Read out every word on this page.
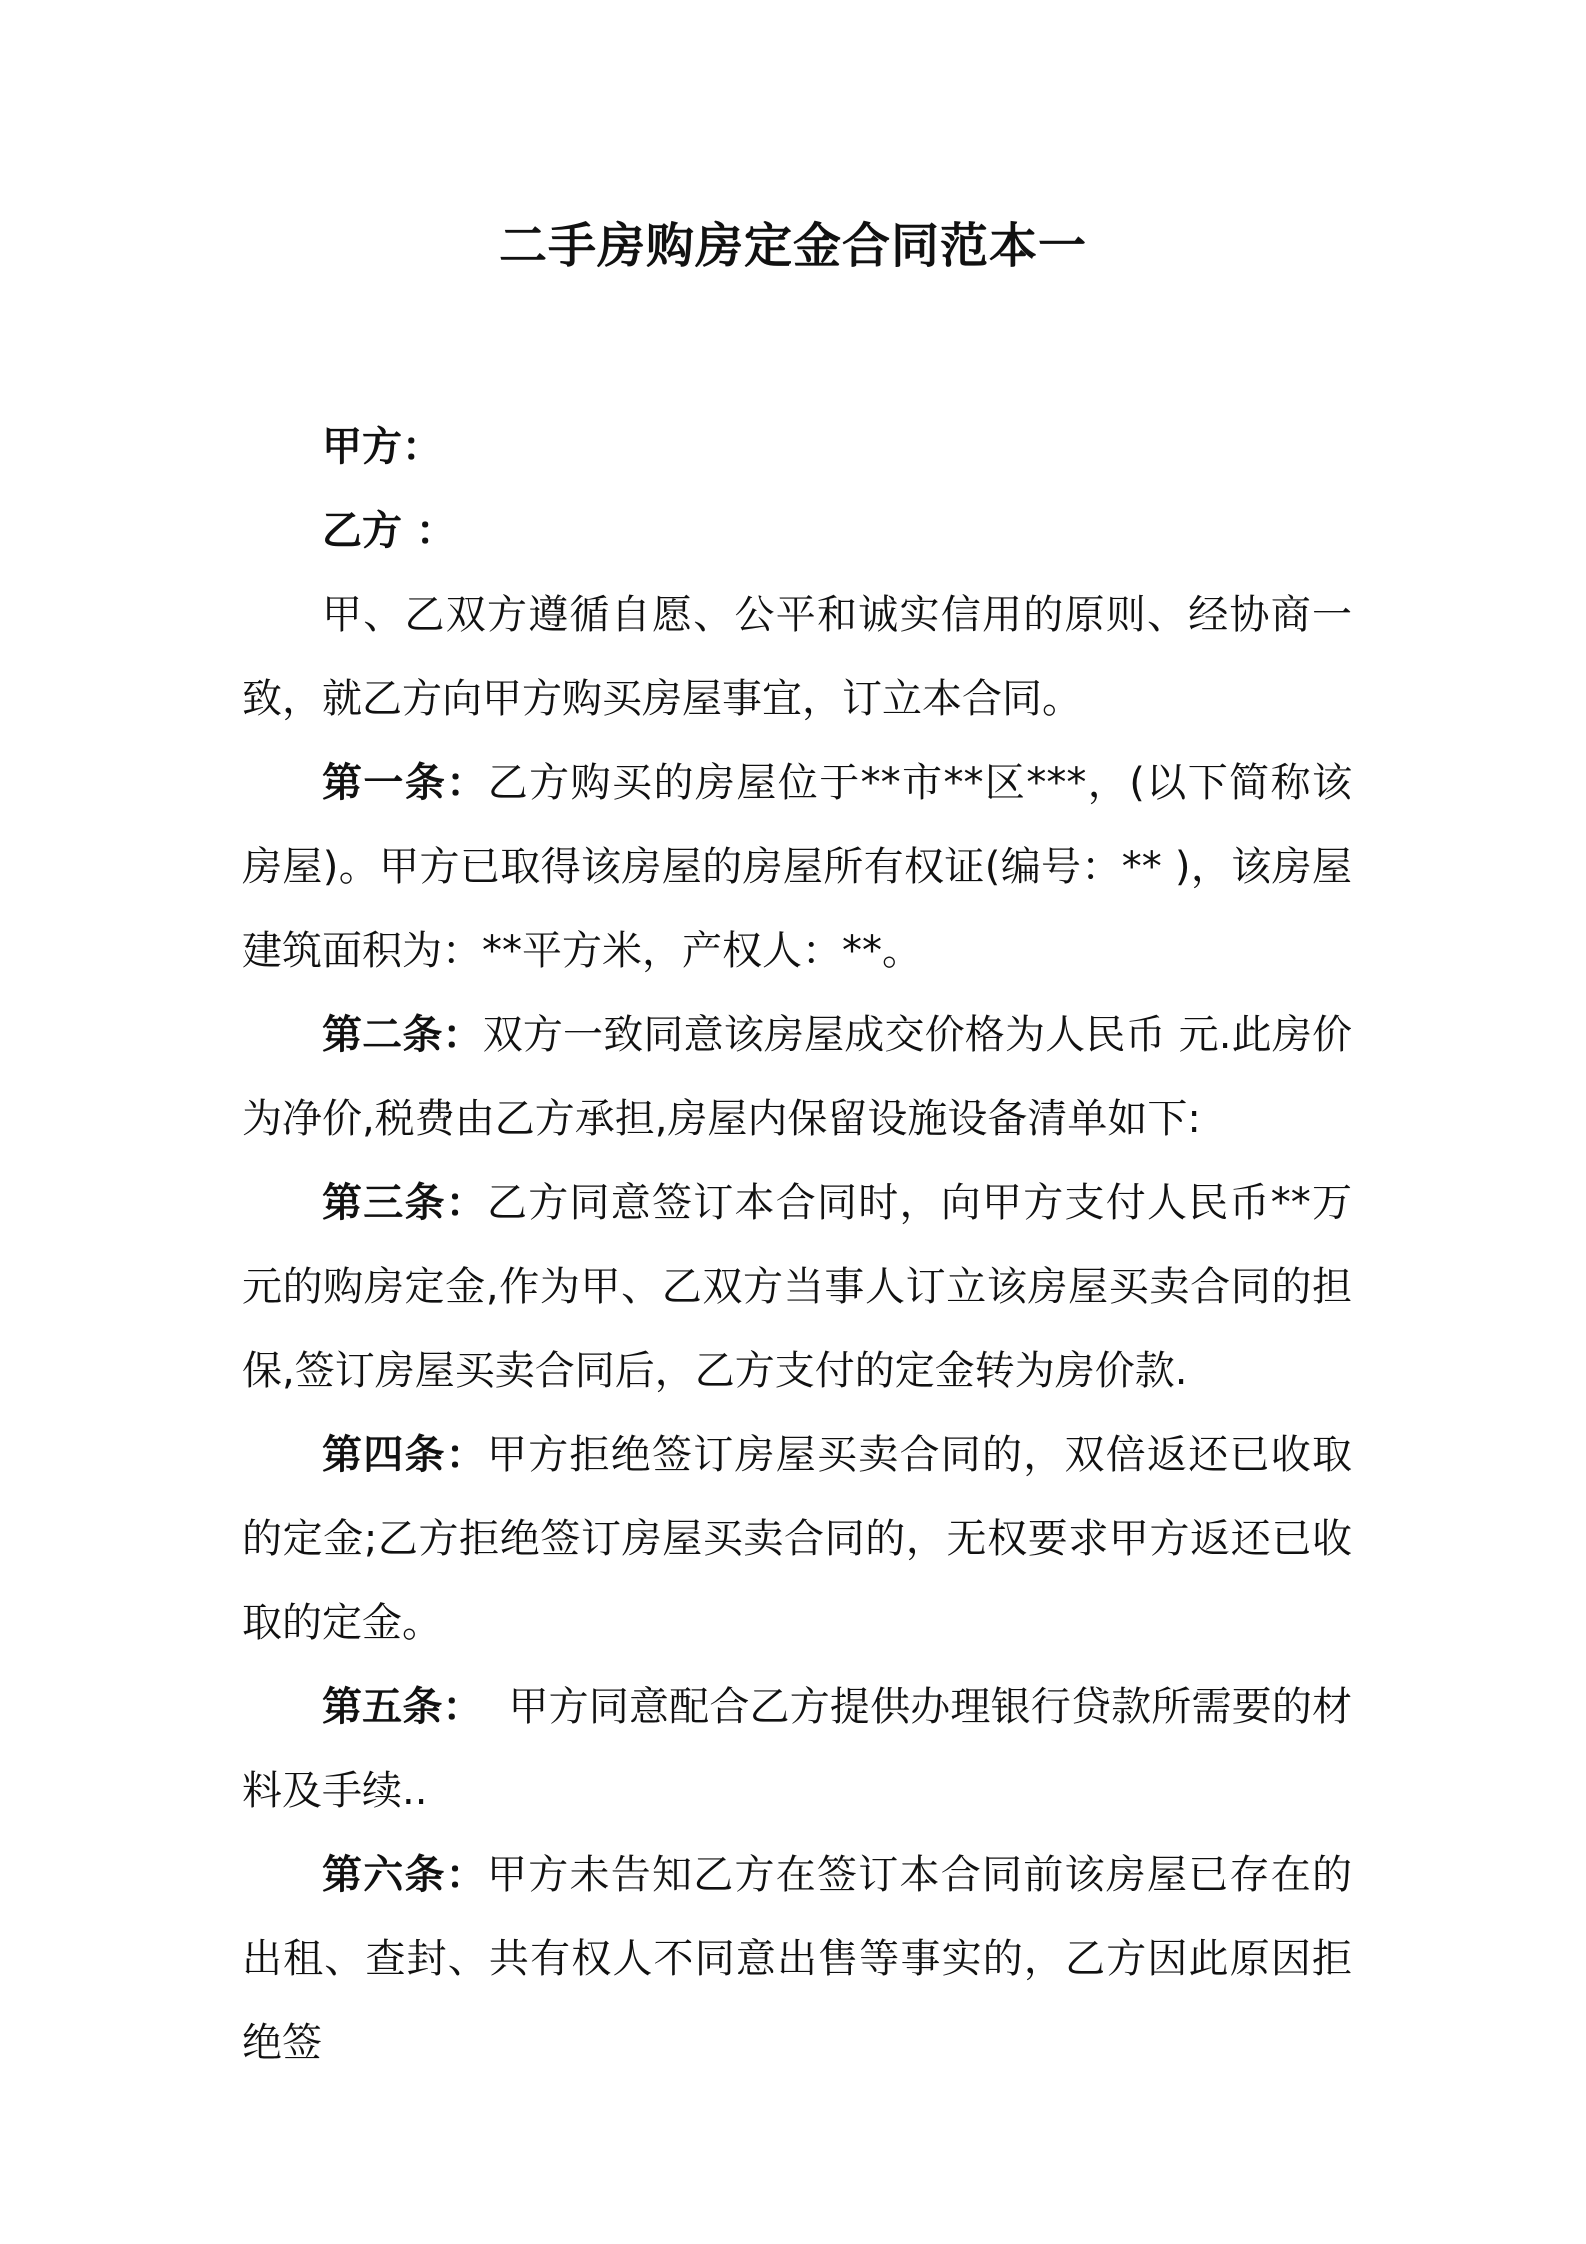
二手房购房定金合同范本一

甲方：

乙方 ：

甲、乙双方遵循自愿、公平和诚实信用的原则、经协商一致，就乙方向甲方购买房屋事宜，订立本合同。

第一条：乙方购买的房屋位于**市**区***，(以下简称该房屋)。甲方已取得该房屋的房屋所有权证(编号：** )，该房屋建筑面积为：**平方米，产权人：**。

第二条：双方一致同意该房屋成交价格为人民币 元.此房价为净价,税费由乙方承担,房屋内保留设施设备清单如下:

第三条：乙方同意签订本合同时，向甲方支付人民币**万元的购房定金,作为甲、乙双方当事人订立该房屋买卖合同的担保,签订房屋买卖合同后，乙方支付的定金转为房价款.

第四条：甲方拒绝签订房屋买卖合同的，双倍返还已收取的定金;乙方拒绝签订房屋买卖合同的，无权要求甲方返还已收取的定金。

第五条：  甲方同意配合乙方提供办理银行贷款所需要的材料及手续..

第六条：甲方未告知乙方在签订本合同前该房屋已存在的出租、查封、共有权人不同意出售等事实的，乙方因此原因拒绝签
